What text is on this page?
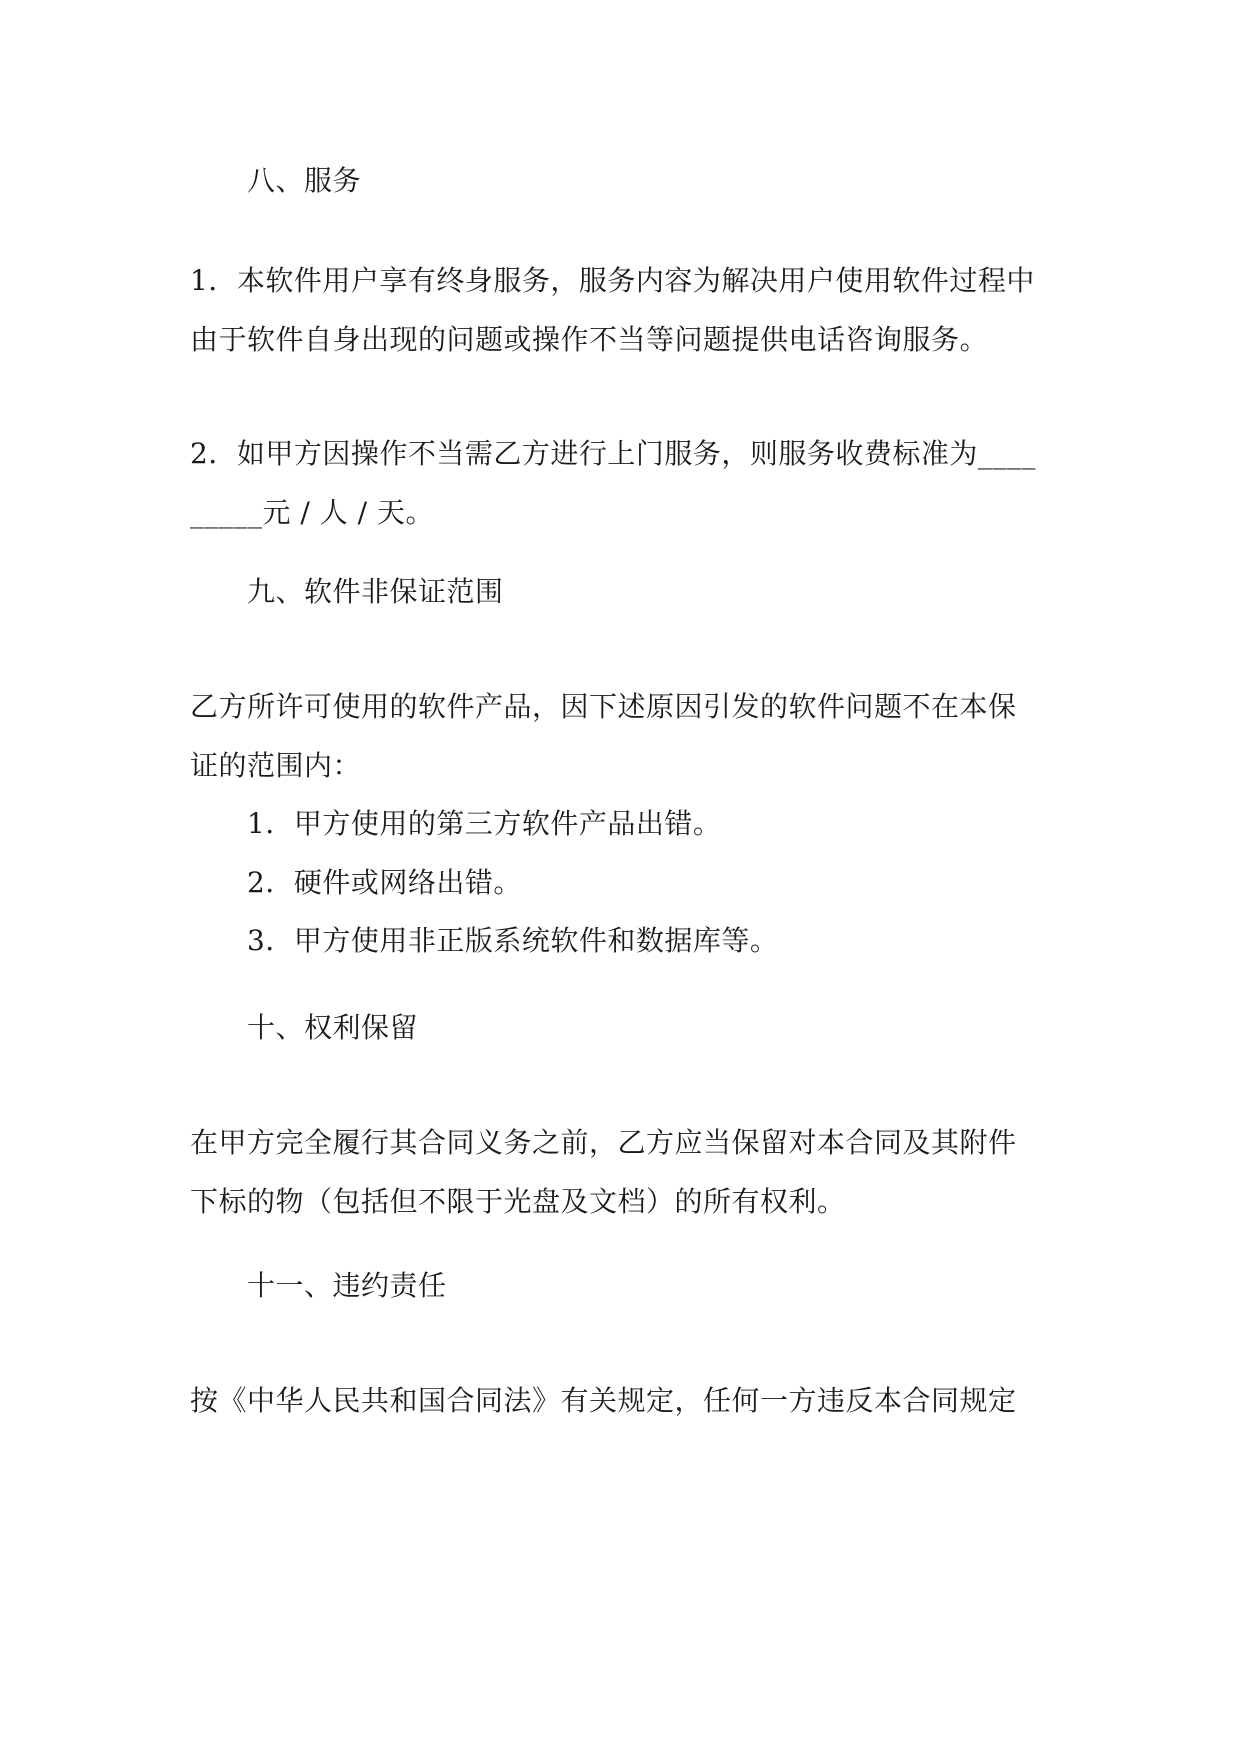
八、服务
1．本软件用户享有终身服务，服务内容为解决用户使用软件过程中
由于软件自身出现的问题或操作不当等问题提供电话咨询服务。
2．如甲方因操作不当需乙方进行上门服务，则服务收费标准为____
_____元 / 人 / 天。
九、软件非保证范围
乙方所许可使用的软件产品，因下述原因引发的软件问题不在本保
证的范围内：
1．甲方使用的第三方软件产品出错。
2．硬件或网络出错。
3．甲方使用非正版系统软件和数据库等。
十、权利保留
在甲方完全履行其合同义务之前，乙方应当保留对本合同及其附件
下标的物（包括但不限于光盘及文档）的所有权利。
十一、违约责任
按《中华人民共和国合同法》有关规定，任何一方违反本合同规定
